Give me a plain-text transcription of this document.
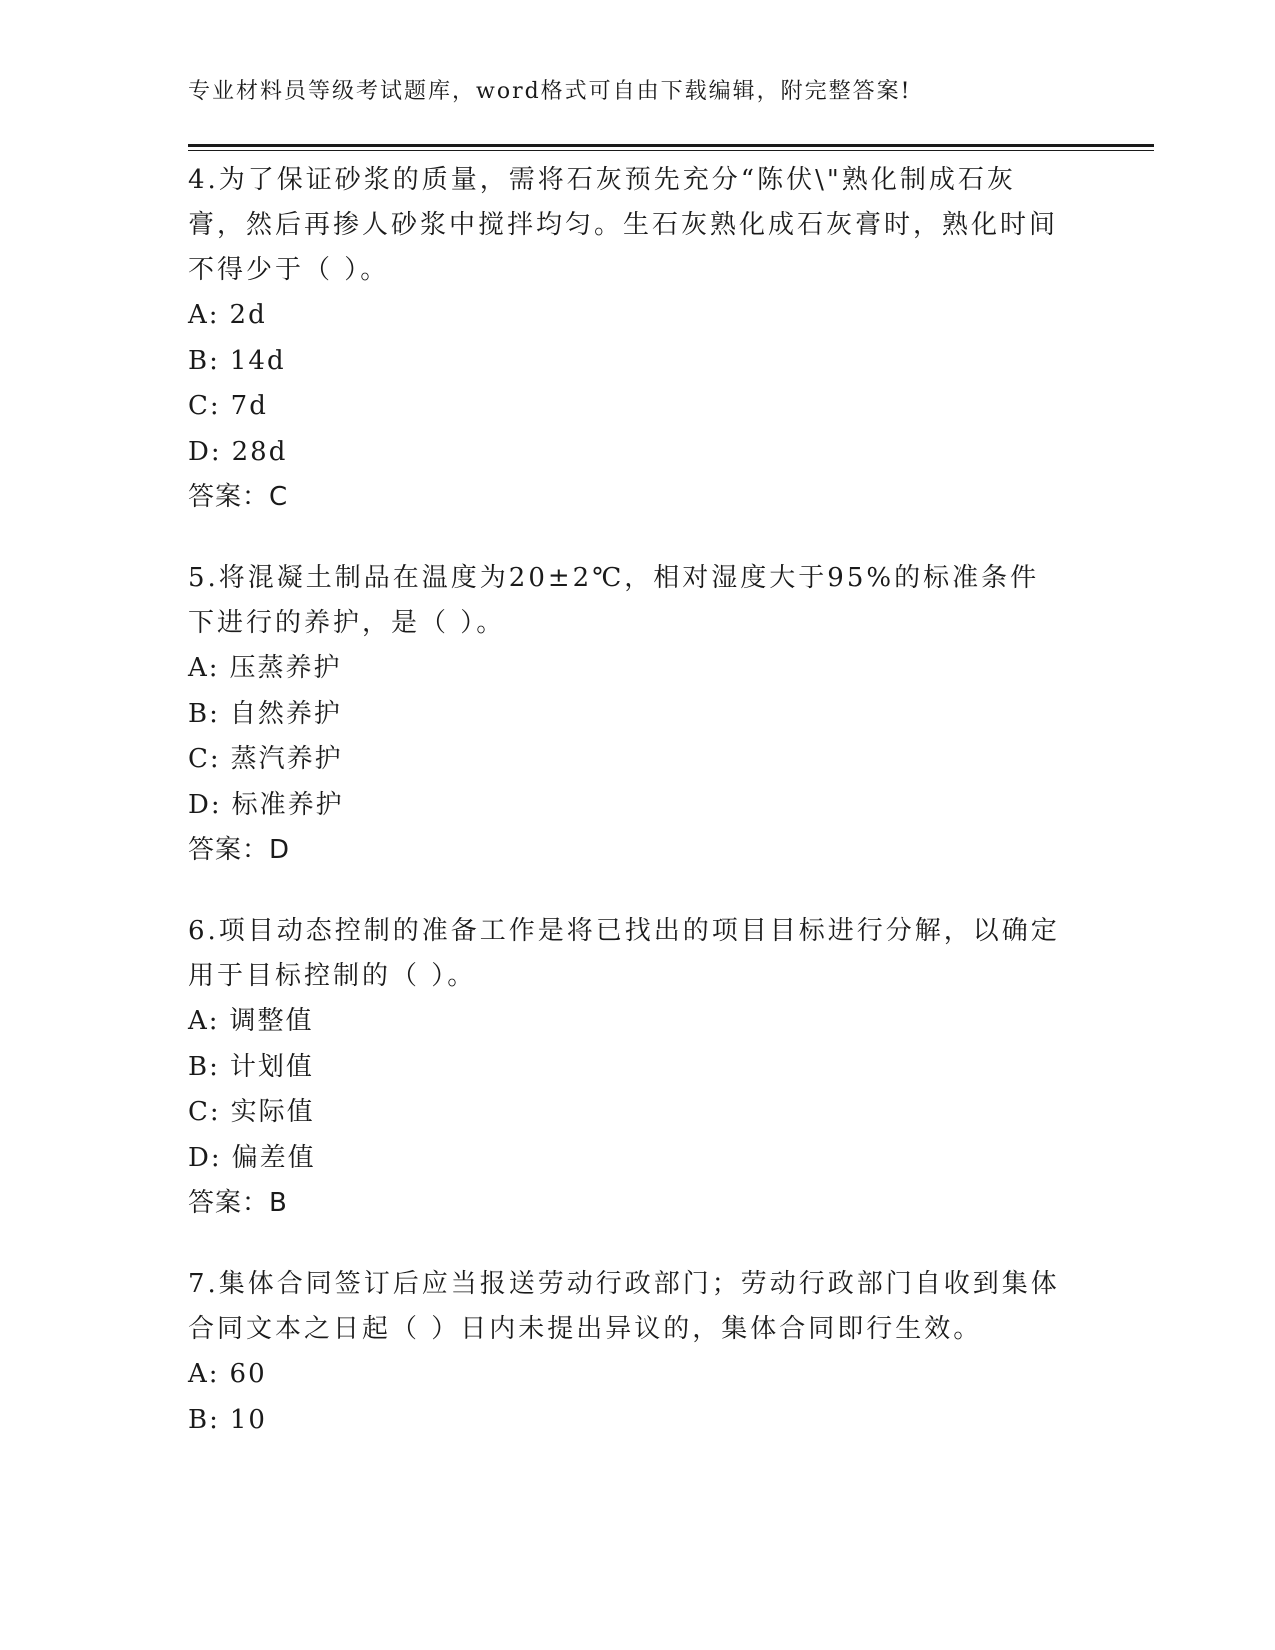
专业材料员等级考试题库，word格式可自由下载编辑，附完整答案!

4.为了保证砂浆的质量，需将石灰预先充分“陈伏\"熟化制成石灰膏，然后再掺人砂浆中搅拌均匀。生石灰熟化成石灰膏时，熟化时间不得少于（ ）。

A: 2d
B: 14d
C: 7d
D: 28d
答案：C

5.将混凝土制品在温度为20±2℃，相对湿度大于95%的标准条件下进行的养护，是（ ）。

A: 压蒸养护
B: 自然养护
C: 蒸汽养护
D: 标准养护
答案：D

6.项目动态控制的准备工作是将已找出的项目目标进行分解，以确定用于目标控制的（ ）。

A: 调整值
B: 计划值
C: 实际值
D: 偏差值
答案：B

7.集体合同签订后应当报送劳动行政部门；劳动行政部门自收到集体合同文本之日起（ ）日内未提出异议的，集体合同即行生效。

A: 60
B: 10
